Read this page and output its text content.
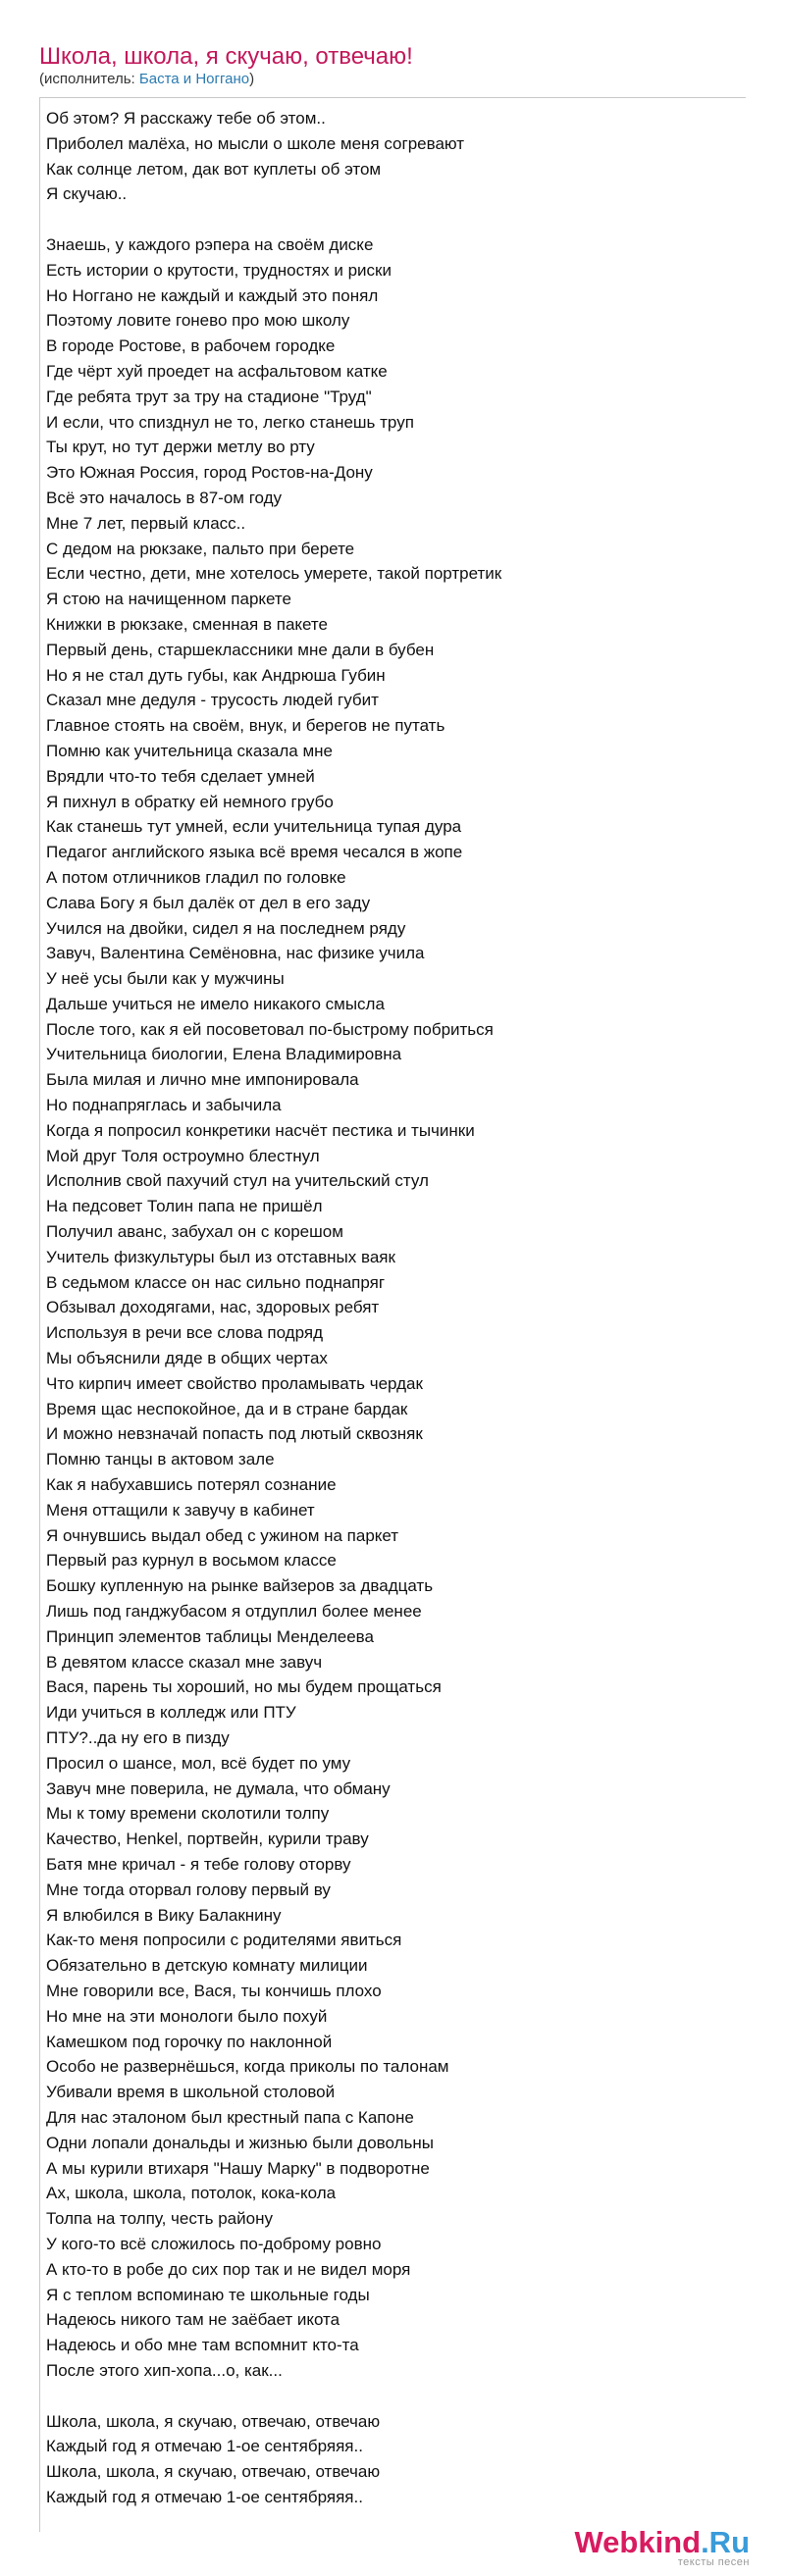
Школа, школа, я скучаю, отвечаю!
(исполнитель: Баста и Ноггано)
Об этом? Я расскажу тебе об этом..
Приболел малёха, но мысли о школе меня согревают
Как солнце летом, дак вот куплеты об этом
Я скучаю..
Знаешь, у каждого рэпера на своём диске
Есть истории о крутости, трудностях и риски
Но Ноггано не каждый и каждый это понял
Поэтому ловите гонево про мою школу
В городе Ростове, в рабочем городке
Где чёрт хуй проедет на асфальтовом катке
Где ребята трут за тру на стадионе "Труд"
И если, что спизднул не то, легко станешь труп
Ты крут, но тут держи метлу во рту
Это Южная Россия, город Ростов-на-Дону
Всё это началось в 87-ом году
Мне 7 лет, первый класс..
С дедом на рюкзаке, пальто при берете
Если честно, дети, мне хотелось умерете, такой портретик
Я стою на начищенном паркете
Книжки в рюкзаке, сменная в пакете
Первый день, старшеклассники мне дали в бубен
Но я не стал дуть губы, как Андрюша Губин
Сказал мне дедуля - трусость людей губит
Главное стоять на своём, внук, и берегов не путать
Помню как учительница сказала мне
Врядли что-то тебя сделает умней
Я пихнул в обратку ей немного грубо
Как станешь тут умней, если учительница тупая дура
Педагог английского языка всё время чесался в жопе
А потом отличников гладил по головке
Слава Богу я был далёк от дел в его заду
Учился на двойки, сидел я на последнем ряду
Завуч, Валентина Семёновна, нас физике учила
У неё усы были как у мужчины
Дальше учиться не имело никакого смысла
После того, как я ей посоветовал по-быстрому побриться
Учительница биологии, Елена Владимировна
Была милая и лично мне импонировала
Но поднапряглась и забычила
Когда я попросил конкретики насчёт пестика и тычинки
Мой друг Толя остроумно блестнул
Исполнив свой пахучий стул на учительский стул
На педсовет Толин папа не пришёл
Получил аванс, забухал он с корешом
Учитель физкультуры был из отставных ваяк
В седьмом классе он нас сильно поднапряг
Обзывал доходягами, нас, здоровых ребят
Используя в речи все слова подряд
Мы объяснили дяде в общих чертах
Что кирпич имеет свойство проламывать чердак
Время щас неспокойное, да и в стране бардак
И можно невзначай попасть под лютый сквозняк
Помню танцы в актовом зале
Как я набухавшись потерял сознание
Меня оттащили к завучу в кабинет
Я очнувшись выдал обед с ужином на паркет
Первый раз курнул в восьмом классе
Бошку купленную на рынке вайзеров за двадцать
Лишь под ганджубасом я отдуплил более менее
Принцип элементов таблицы Менделеева
В девятом классе сказал мне завуч
Вася, парень ты хороший, но мы будем прощаться
Иди учиться в колледж или ПТУ
ПТУ?..да ну его в пизду
Просил о шансе, мол, всё будет по уму
Завуч мне поверила, не думала, что обману
Мы к тому времени сколотили толпу
Качество, Henkel, портвейн, курили траву
Батя мне кричал - я тебе голову оторву
Мне тогда оторвал голову первый ву
Я влюбился в Вику Балакнину
Как-то меня попросили с родителями явиться
Обязательно в детскую комнату милиции
Мне говорили все, Вася, ты кончишь плохо
Но мне на эти монологи было похуй
Камешком под горочку по наклонной
Особо не развернёшься, когда приколы по талонам
Убивали время в школьной столовой
Для нас эталоном был крестный папа с Капоне
Одни лопали дональды и жизнью были довольны
А мы курили втихаря "Нашу Марку" в подворотне
Ах, школа, школа, потолок, кока-кола
Толпа на толпу, честь району
У кого-то всё сложилось по-доброму ровно
А кто-то в робе до сих пор так и не видел моря
Я с теплом вспоминаю те школьные годы
Надеюсь никого там не заёбает икота
Надеюсь и обо мне там вспомнит кто-та
После этого хип-хопа...о, как...
Школа, школа, я скучаю, отвечаю, отвечаю
Каждый год я отмечаю 1-ое сентябряяя..
Школа, школа, я скучаю, отвечаю, отвечаю
Каждый год я отмечаю 1-ое сентябряяя..
Webkind.Ru
тексты песен
